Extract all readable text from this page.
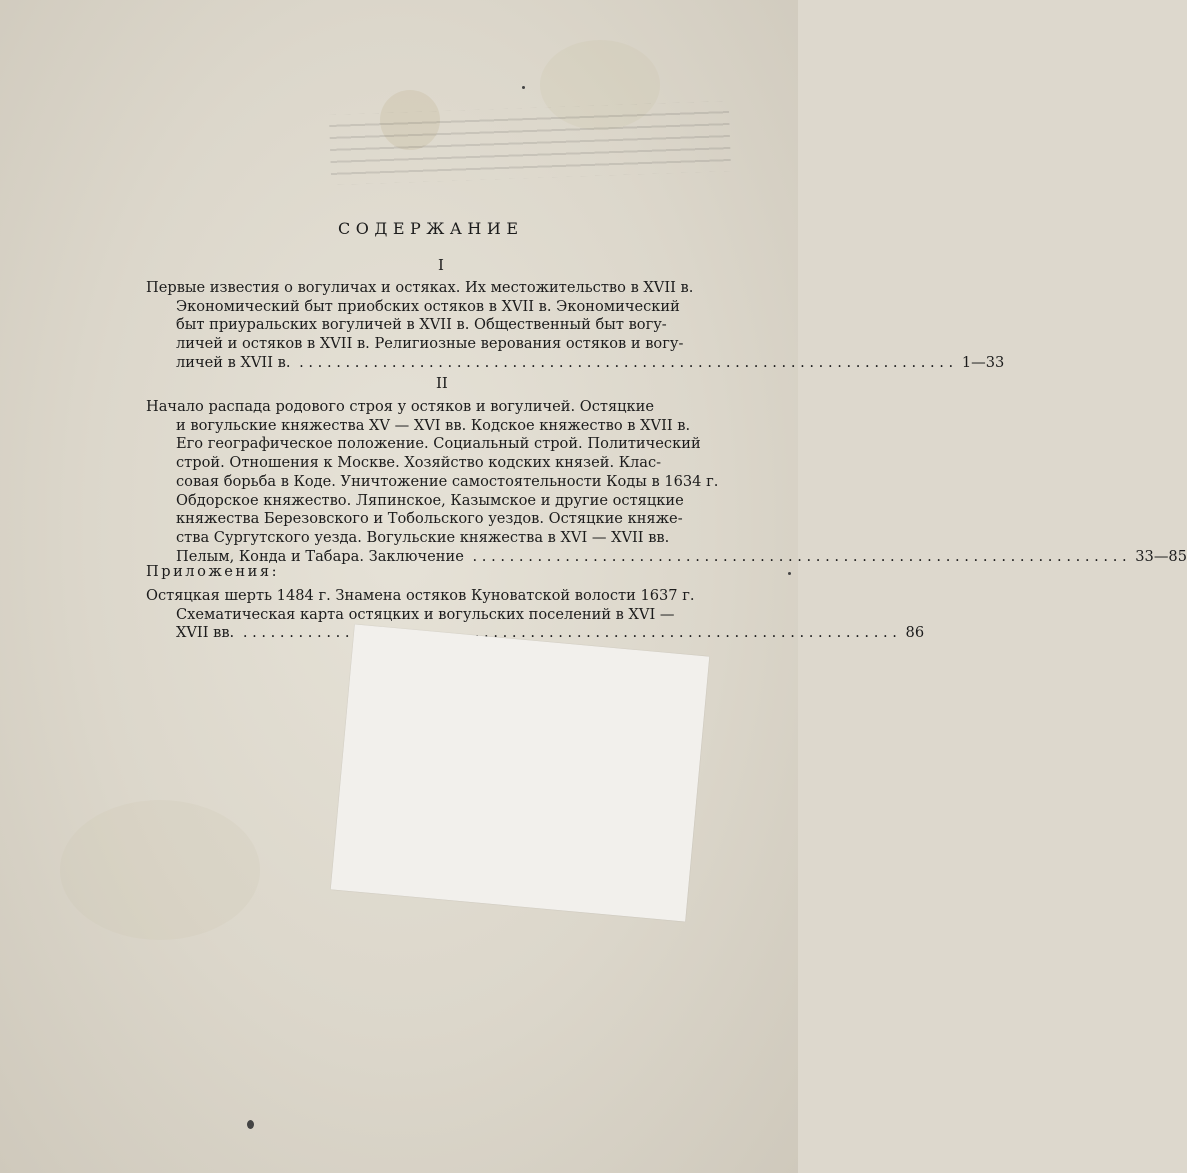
СОДЕРЖАНИЕ
I
Первые известия о вогуличах и остяках. Их местожительство в XVII в.
Экономический быт приобских остяков в XVII в. Экономический
быт приуральских вогуличей в XVII в. Общественный быт вогу-
личей и остяков в XVII в. Религиозные верования остяков и вогу-
личей в XVII в. . . .	1—33
II
Начало распада родового строя у остяков и вогуличей. Остяцкие
и вогульские княжества XV — XVI вв. Кодское княжество в XVII в.
Его географическое положение. Социальный строй. Политический
строй. Отношения к Москве. Хозяйство кодских князей. Клас-
совая борьба в Коде. Уничтожение самостоятельности Коды в 1634 г.
Обдорское княжество. Ляпинское, Казымское и другие остяцкие
княжества Березовского и Тобольского уездов. Остяцкие княже-
ства Сургутского уезда. Вогульские княжества в XVI — XVII вв.
Пелым, Конда и Табара. Заключение . . .	33—85
Приложения:
Остяцкая шерть 1484 г. Знамена остяков Куноватской волости 1637 г.
Схематическая карта остяцких и вогульских поселений в XVI —
XVII вв. . . .	86
